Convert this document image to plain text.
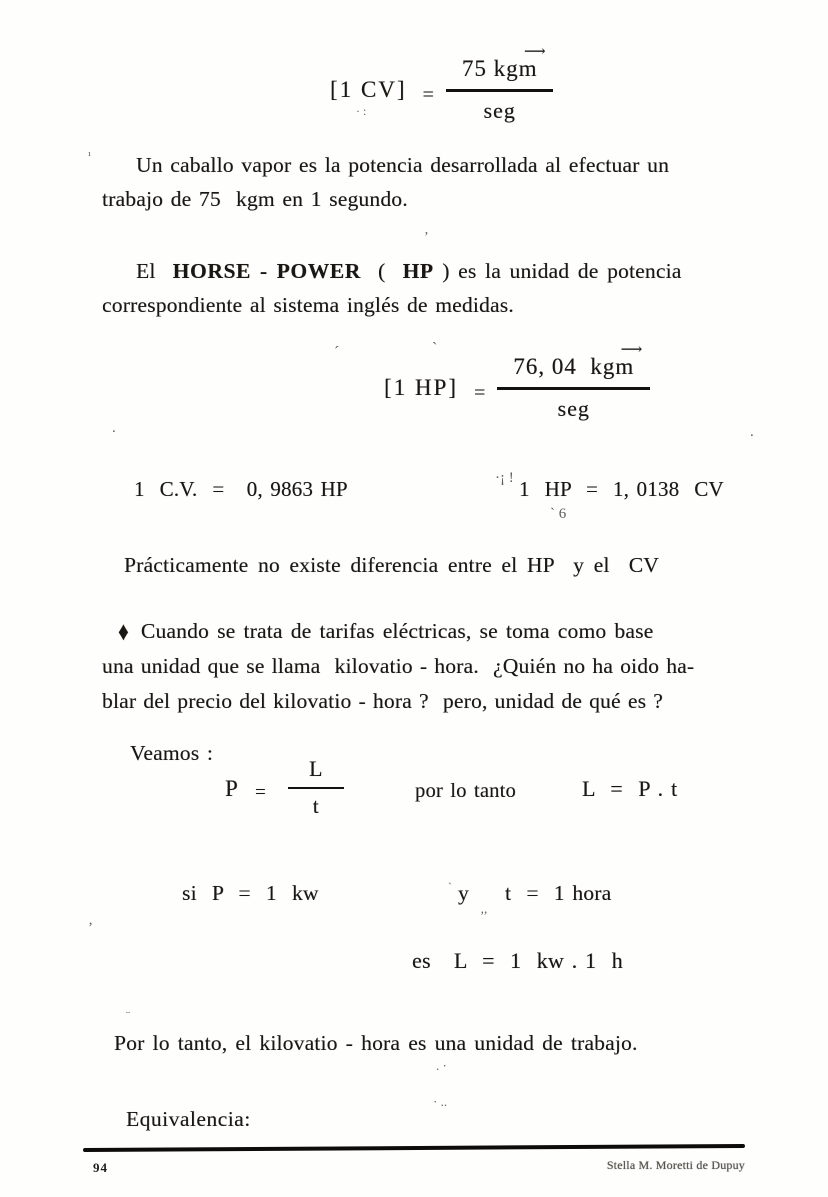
[1 CV] = 75 kgm
⟶
seg
Un caballo vapor es la potencia desarrollada al efectuar un
trabajo de 75  kgm en 1 segundo.
El  HORSE - POWER  (  HP ) es la unidad de potencia
correspondiente al sistema inglés de medidas.
[1 HP] = 76, 04  kgm
⟶
seg
1  C.V.  =   0, 9863 HP	1  HP  =  1, 0138  CV
Prácticamente no existe diferencia entre el HP  y el  CV
♦ Cuando se trata de tarifas eléctricas, se toma como base
una unidad que se llama  kilovatio - hora.  ¿Quién no ha oido ha-
blar del precio del kilovatio - hora ?  pero, unidad de qué es ?
Veamos :
$P = \frac{L}{t}$	por lo tanto	L  =  P . t
si  P  =  1  kw	y t  =  1 hora
es   L  =  1  kw . 1  h
Por lo tanto, el kilovatio - hora es una unidad de trabajo.
Equivalencia:
ˊ	ˋ
·¡ !
` 6
’
’’
’
.	.
¨
. ·
· ..
· :
¹
`
94	Stella M. Moretti de Dupuy
